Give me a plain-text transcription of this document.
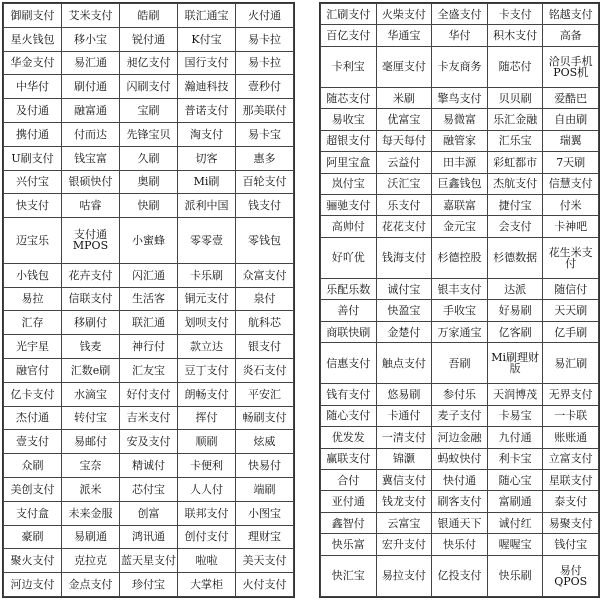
御刷支付	艾米支付	皓刷	联汇通宝	火付通
星火钱包	移小宝	锐付通	K付宝	易卡拉
华金支付	易汇通	昶亿支付	国行支付	易卡拉
中华付	刷付通	闪刷支付	瀚迪科技	壹秒付
及付通	融富通	宝刷	普诺支付	那美联付
携付通	付而达	先锋宝贝	淘支付	易卡宝
U刷支付	钱宝富	久刷	切客	惠多
兴付宝	银硕快付	奥刷	Mi刷	百轮支付
快支付	咕睿	快刷	派利中国	钱支付
迈宝乐	支付通MPOS	小蜜蜂	零零壹	零钱包
小钱包	花卉支付	闪汇通	卡乐刷	众富支付
易拉	信联支付	生活客	铜元支付	泉付
汇存	移刷付	联汇通	划呗支付	航科芯
光宇星	钱麦	神行付	款立达	银支付
融官付	汇数e刷	汇友宝	豆丁支付	炎石支付
亿卡支付	水滴宝	好付支付	朗畅支付	平安汇
杰付通	转付宝	吉米支付	挥付	畅刷支付
壹支付	易邮付	安及支付	顺刷	炫威
众刷	宝奈	精诚付	卡便利	快易付
美创支付	派米	芯付宝	人人付	端刷
支付盒	未来金服	创富	联邦支付	小图宝
豪刷	易刷通	鸿讯通	创付支付	理财宝
聚火支付	克拉克	蓝天星支付	啦啦	美天支付
河边支付	金点支付	珍付宝	大掌柜	火付支付
汇刷支付	火柴支付	全盛支付	卡支付	铭越支付
百亿支付	华通宝	华付	积木支付	高备
卡利宝	毫厘支付	卡友商务	随芯付	洽贝手机POS机
随芯支付	米刷	擎鸟支付	贝贝刷	爱酷巴
易收宝	优富宝	易微富	乐汇金融	自由刷
超银支付	每天每付	融管家	汇乐宝	瑞翼
阿里宝盒	云益付	田丰源	彩虹都市	7天刷
岚付宝	沃汇宝	巨鑫钱包	杰航支付	信慧支付
骊驰支付	乐支付	嘉联富	捷付宝	付米
高帅付	花花支付	金元宝	会支付	卡神吧
好吖优	钱海支付	杉德控股	杉德数据	花生米支付
乐配乐数	诚付宝	银丰支付	达派	随信付
善付	快盈宝	手收宝	好易刷	天天刷
商联快刷	金楚付	万家通宝	亿客刷	亿手刷
信惠支付	触点支付	吾刷	Mi刷理财版	易汇刷
钱有支付	悠易刷	参付乐	天润博茂	无界支付
随心支付	卡通付	麦子支付	卡易宝	一卡联
优发发	一清支付	河边金融	九付通	账账通
赢联支付	锦灏	蚂蚁快付	利卡宝	立富支付
合付	冀信支付	快付通	随心宝	星联支付
亚付通	钱龙支付	刷客支付	富刷通	泰支付
鑫智付	云富宝	银通天下	诚付红	易聚支付
快乐富	宏升支付	快乐付	喔喔宝	钱付宝
快汇宝	易拉支付	亿投支付	快乐刷	易付QPOS
